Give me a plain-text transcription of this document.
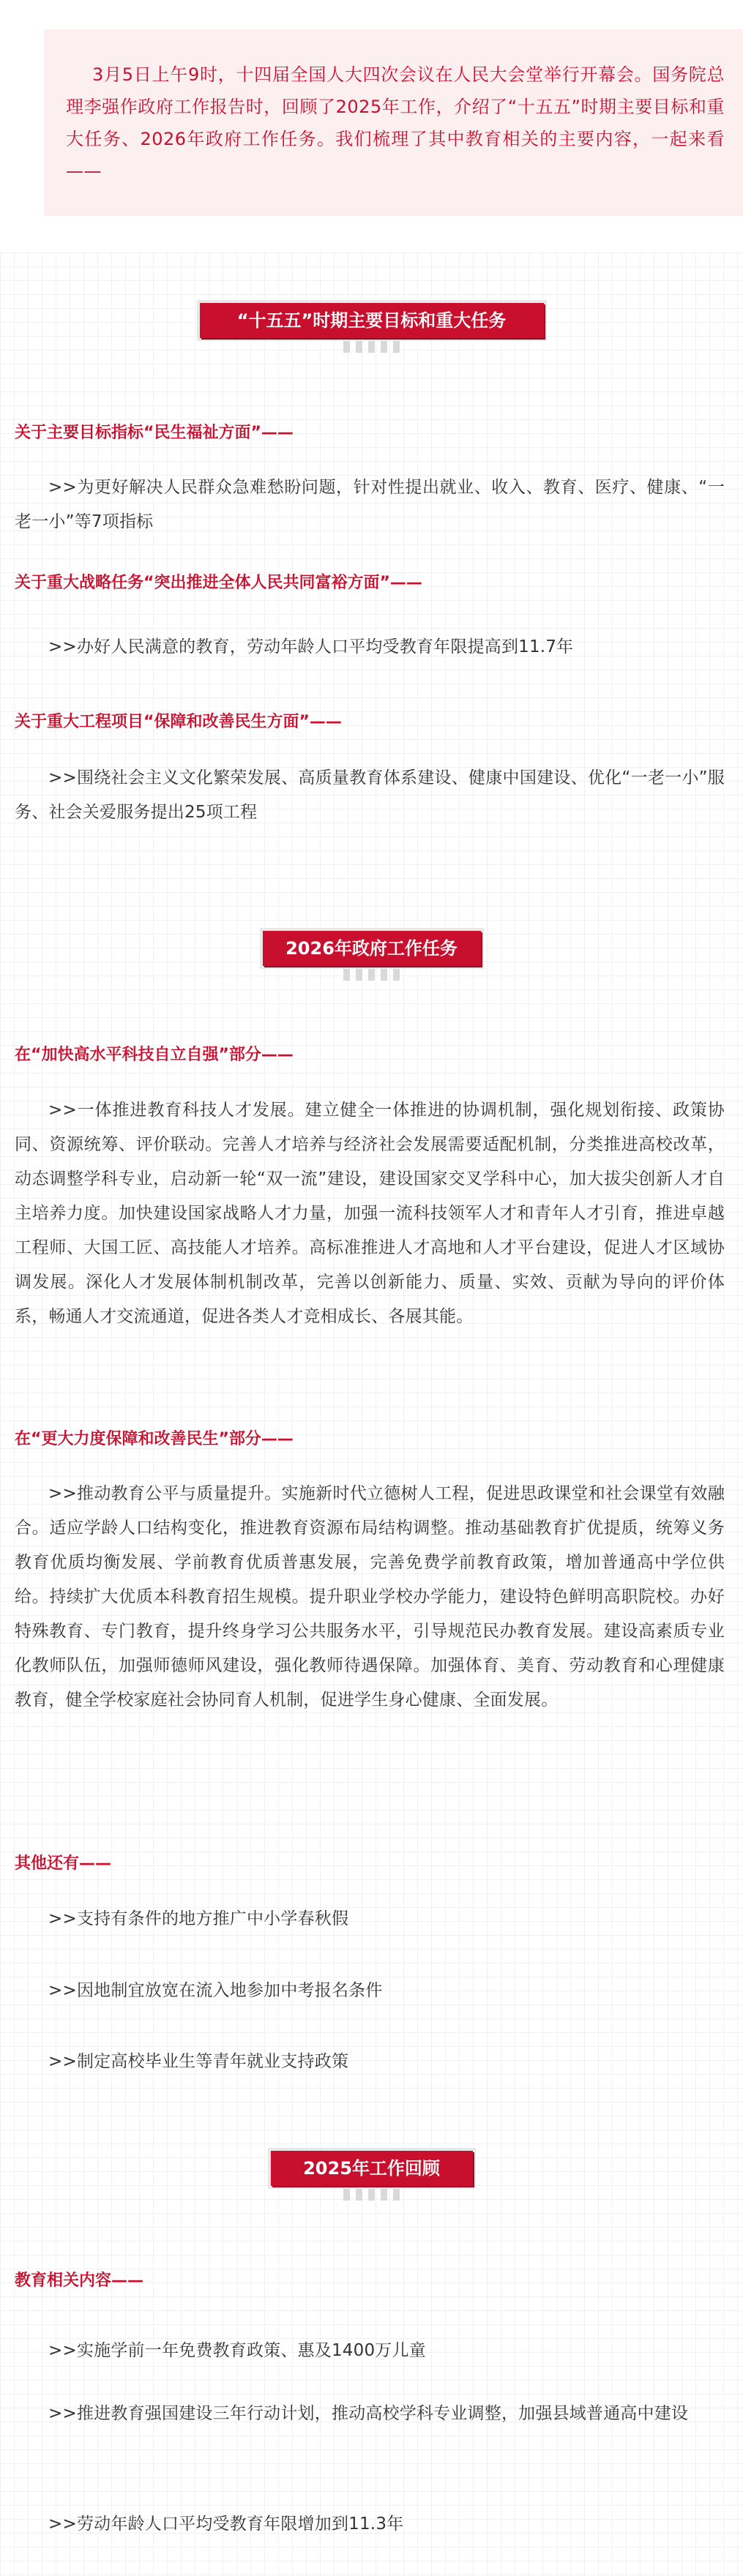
3月5日上午9时，十四届全国人大四次会议在人民大会堂举行开幕会。国务院总理李强作政府工作报告时，回顾了2025年工作，介绍了“十五五”时期主要目标和重大任务、2026年政府工作任务。我们梳理了其中教育相关的主要内容，一起来看——

“十五五”时期主要目标和重大任务
关于主要目标指标“民生福祉方面”——
>>为更好解决人民群众急难愁盼问题，针对性提出就业、收入、教育、医疗、健康、“一老一小”等7项指标
关于重大战略任务“突出推进全体人民共同富裕方面”——
>>办好人民满意的教育，劳动年龄人口平均受教育年限提高到11.7年
关于重大工程项目“保障和改善民生方面”——
>>围绕社会主义文化繁荣发展、高质量教育体系建设、健康中国建设、优化“一老一小”服务、社会关爱服务提出25项工程
2026年政府工作任务
在“加快高水平科技自立自强”部分——
>>一体推进教育科技人才发展。建立健全一体推进的协调机制，强化规划衔接、政策协同、资源统筹、评价联动。完善人才培养与经济社会发展需要适配机制，分类推进高校改革，动态调整学科专业，启动新一轮“双一流”建设，建设国家交叉学科中心，加大拔尖创新人才自主培养力度。加快建设国家战略人才力量，加强一流科技领军人才和青年人才引育，推进卓越工程师、大国工匠、高技能人才培养。高标准推进人才高地和人才平台建设，促进人才区域协调发展。深化人才发展体制机制改革，完善以创新能力、质量、实效、贡献为导向的评价体系，畅通人才交流通道，促进各类人才竞相成长、各展其能。
在“更大力度保障和改善民生”部分——
>>推动教育公平与质量提升。实施新时代立德树人工程，促进思政课堂和社会课堂有效融合。适应学龄人口结构变化，推进教育资源布局结构调整。推动基础教育扩优提质，统筹义务教育优质均衡发展、学前教育优质普惠发展，完善免费学前教育政策，增加普通高中学位供给。持续扩大优质本科教育招生规模。提升职业学校办学能力，建设特色鲜明高职院校。办好特殊教育、专门教育，提升终身学习公共服务水平，引导规范民办教育发展。建设高素质专业化教师队伍，加强师德师风建设，强化教师待遇保障。加强体育、美育、劳动教育和心理健康教育，健全学校家庭社会协同育人机制，促进学生身心健康、全面发展。
其他还有——
>>支持有条件的地方推广中小学春秋假
>>因地制宜放宽在流入地参加中考报名条件
>>制定高校毕业生等青年就业支持政策
2025年工作回顾
教育相关内容——
>>实施学前一年免费教育政策、惠及1400万儿童
>>推进教育强国建设三年行动计划，推动高校学科专业调整，加强县域普通高中建设
>>劳动年龄人口平均受教育年限增加到11.3年
